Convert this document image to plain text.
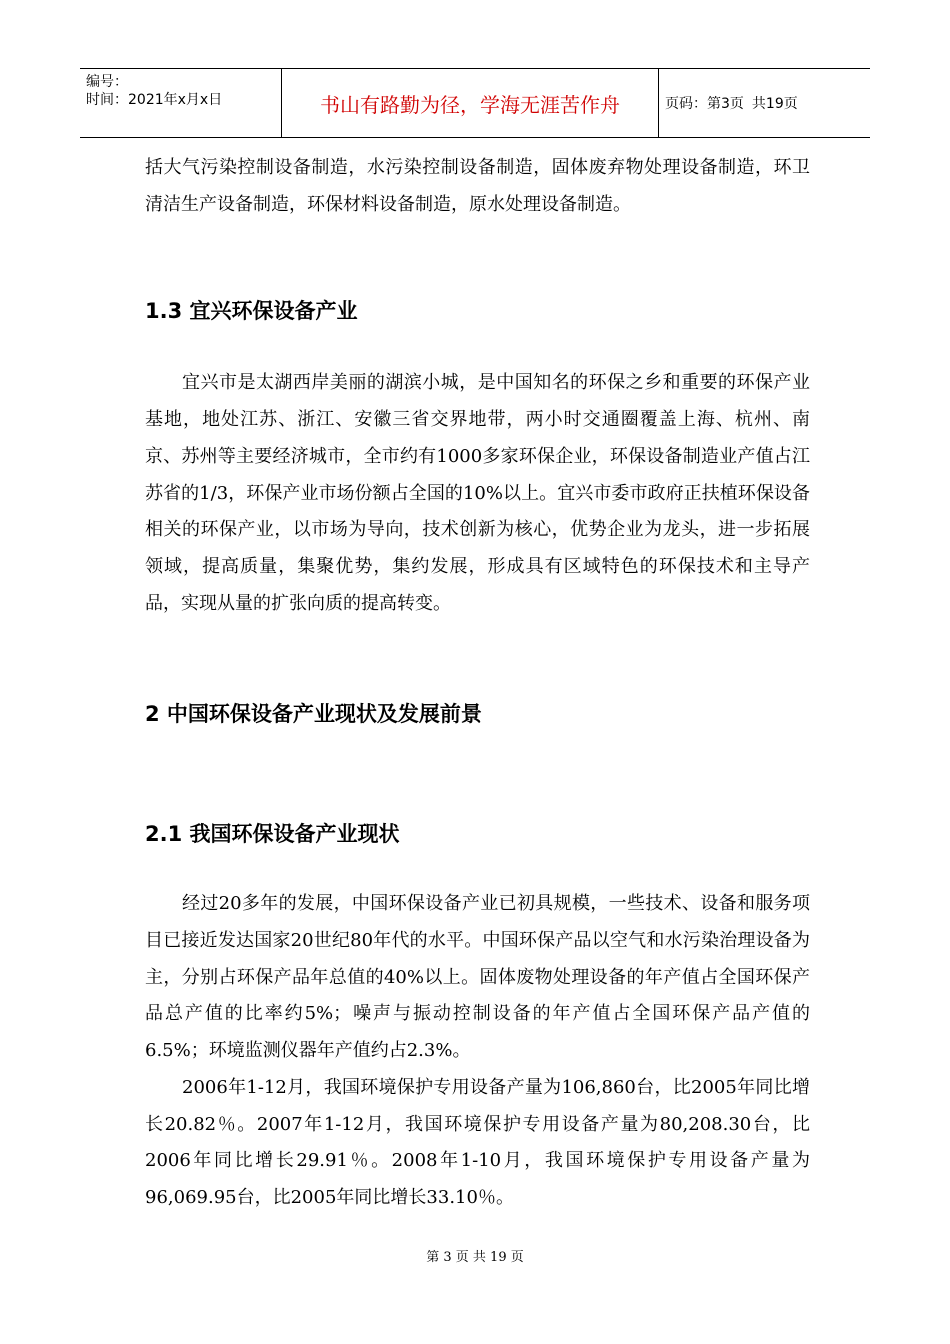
编号：
时间：2021年x月x日	书山有路勤为径，学海无涯苦作舟	页码：第3页 共19页

括大气污染控制设备制造，水污染控制设备制造，固体废弃物处理设备制造，环卫清洁生产设备制造，环保材料设备制造，原水处理设备制造。

1.3 宜兴环保设备产业

宜兴市是太湖西岸美丽的湖滨小城，是中国知名的环保之乡和重要的环保产业基地，地处江苏、浙江、安徽三省交界地带，两小时交通圈覆盖上海、杭州、南京、苏州等主要经济城市，全市约有1000多家环保企业，环保设备制造业产值占江苏省的1/3，环保产业市场份额占全国的10%以上。宜兴市委市政府正扶植环保设备相关的环保产业，以市场为导向，技术创新为核心，优势企业为龙头，进一步拓展领域，提高质量，集聚优势，集约发展，形成具有区域特色的环保技术和主导产品，实现从量的扩张向质的提高转变。

2 中国环保设备产业现状及发展前景
2.1 我国环保设备产业现状

经过20多年的发展，中国环保设备产业已初具规模，一些技术、设备和服务项目已接近发达国家20世纪80年代的水平。中国环保产品以空气和水污染治理设备为主，分别占环保产品年总值的40%以上。固体废物处理设备的年产值占全国环保产品总产值的比率约5%；噪声与振动控制设备的年产值占全国环保产品产值的6.5%；环境监测仪器年产值约占2.3%。

2006年1-12月，我国环境保护专用设备产量为106,860台，比2005年同比增长20.82％。2007年1-12月，我国环境保护专用设备产量为80,208.30台，比2006年同比增长29.91％。2008年1-10月，我国环境保护专用设备产量为96,069.95台，比2005年同比增长33.10％。

第 3 页 共 19 页
